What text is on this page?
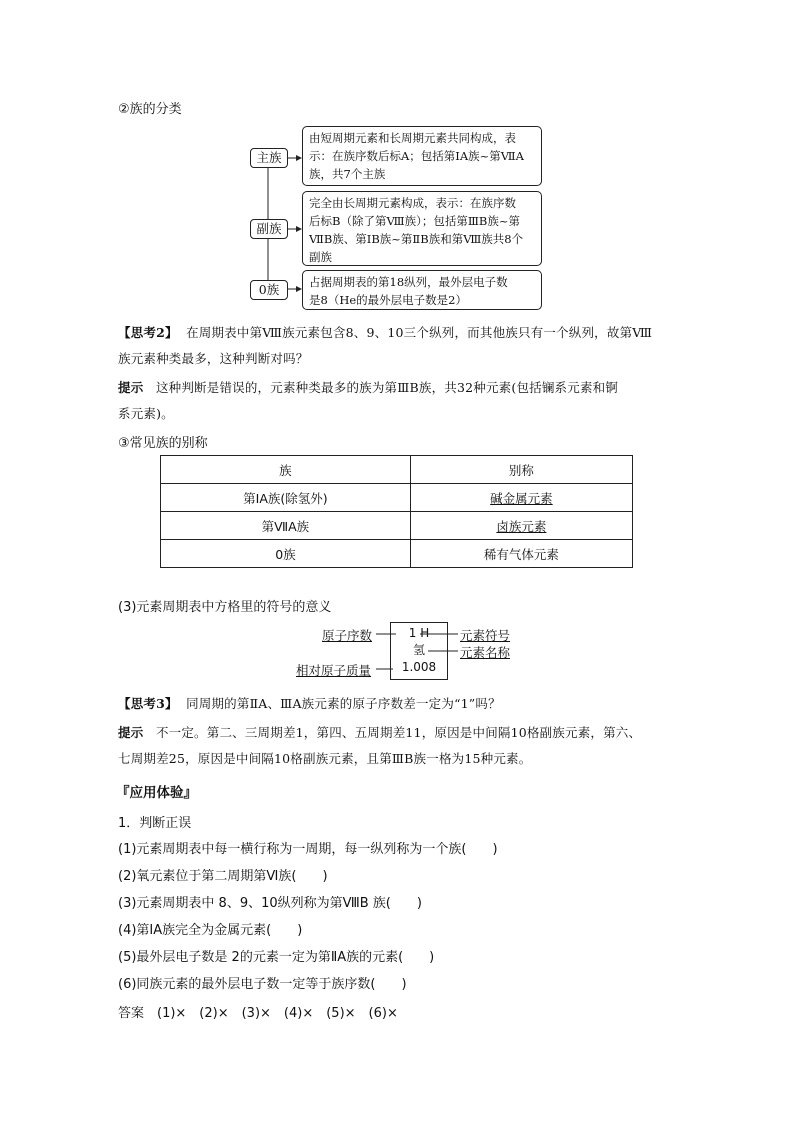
②族的分类
主族
副族
0族
由短周期元素和长周期元素共同构成，表
示：在族序数后标A；包括第ⅠA族~第ⅦA
族，共7个主族
完全由长周期元素构成，表示：在族序数
后标B（除了第Ⅷ族）；包括第ⅢB族~第
ⅦB族、第ⅠB族~第ⅡB族和第Ⅷ族共8个
副族
占据周期表的第18纵列，最外层电子数
是8（He的最外层电子数是2）
【思考2】 在周期表中第Ⅷ族元素包含8、9、10三个纵列，而其他族只有一个纵列，故第Ⅷ
族元素种类最多，这种判断对吗？
提示 这种判断是错误的，元素种类最多的族为第ⅢB族，共32种元素(包括镧系元素和锕
系元素)。
③常见族的别称
族	别称
第ⅠA族(除氢外)	碱金属元素
第ⅦA族	卤族元素
0族	稀有气体元素
(3)元素周期表中方格里的符号的意义
1 H
氢
1.008
原子序数
相对原子质量
元素符号
元素名称
【思考3】 同周期的第ⅡA、ⅢA族元素的原子序数差一定为“1”吗？
提示 不一定。第二、三周期差1，第四、五周期差11，原因是中间隔10格副族元素，第六、
七周期差25，原因是中间隔10格副族元素，且第ⅢB族一格为15种元素。
『应用体验』
1．判断正误
(1)元素周期表中每一横行称为一周期，每一纵列称为一个族(　　)
(2)氧元素位于第二周期第Ⅵ族(　　)
(3)元素周期表中 8、9、10纵列称为第ⅧB 族(　　)
(4)第ⅠA族完全为金属元素(　　)
(5)最外层电子数是 2的元素一定为第ⅡA族的元素(　　)
(6)同族元素的最外层电子数一定等于族序数(　　)
答案　(1)×　(2)×　(3)×　(4)×　(5)×　(6)×
